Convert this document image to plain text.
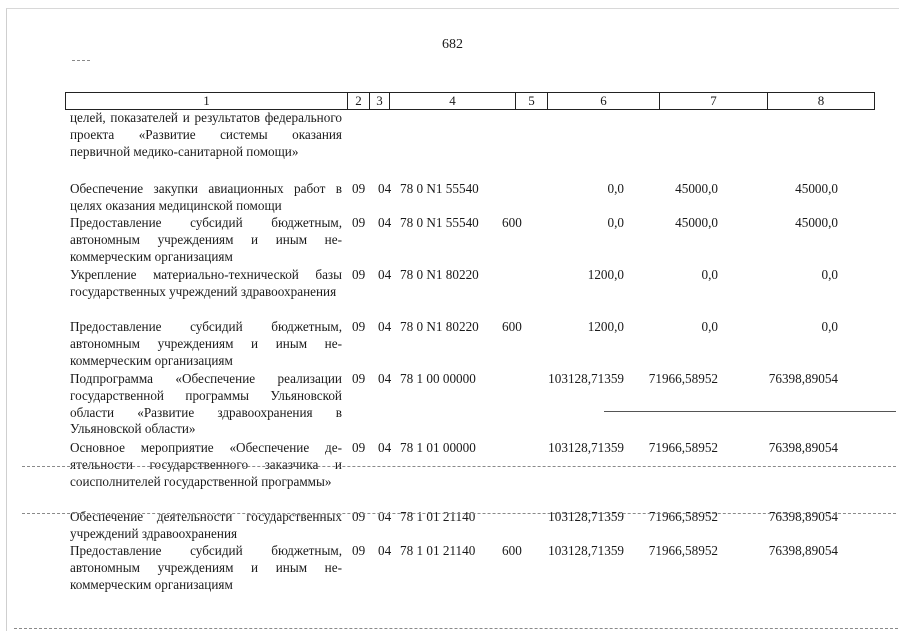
682
1	2	3	4	5	6	7	8
целей, показателей и результатов федерального проекта «Развитие системы оказания первичной медико-санитарной помощи»
Обеспечение закупки авиационных работ в целях оказания медицинской помощи
09 04 78 0 N1 55540	0,0	45000,0	45000,0
Предоставление субсидий бюджетным, автономным учреждениям и иным некоммерческим организациям
09 04 78 0 N1 55540 600	0,0	45000,0	45000,0
Укрепление материально-технической базы государственных учреждений здравоохранения
09 04 78 0 N1 80220	1200,0	0,0	0,0
Предоставление субсидий бюджетным, автономным учреждениям и иным некоммерческим организациям
09 04 78 0 N1 80220 600	1200,0	0,0	0,0
Подпрограмма «Обеспечение реализации государственной программы Ульяновской области «Развитие здравоохранения в Ульяновской области»
09 04 78 1 00 00000	103128,71359	71966,58952	76398,89054
Основное мероприятие «Обеспечение деятельности государственного заказчика и соисполнителей государственной программы»
09 04 78 1 01 00000	103128,71359	71966,58952	76398,89054
Обеспечение деятельности государственных учреждений здравоохранения
09 04 78 1 01 21140	103128,71359	71966,58952	76398,89054
Предоставление субсидий бюджетным, автономным учреждениям и иным некоммерческим организациям
09 04 78 1 01 21140 600	103128,71359	71966,58952	76398,89054
